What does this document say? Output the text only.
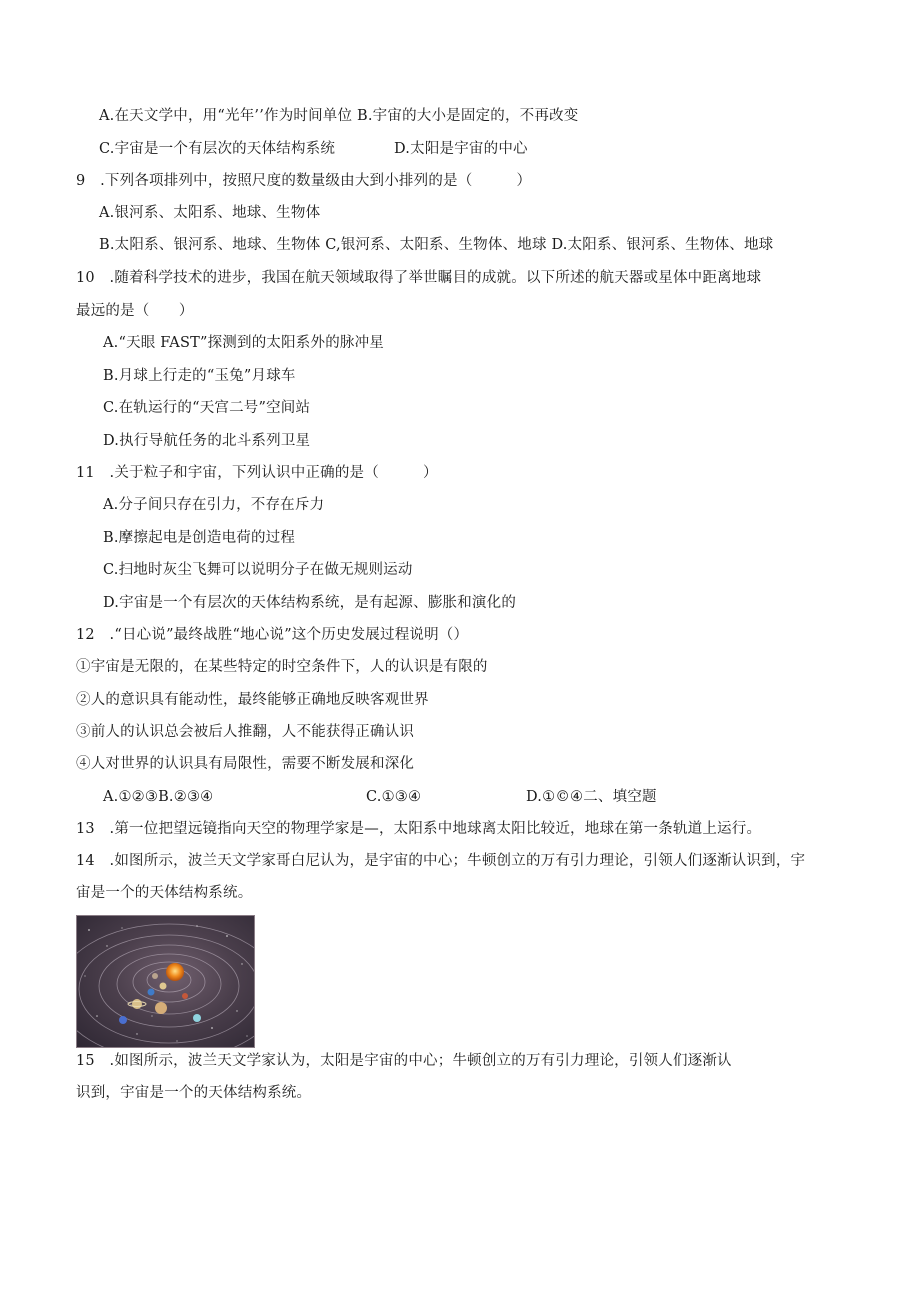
A.在天文学中，用“光年’’作为时间单位 B.宇宙的大小是固定的，不再改变
C.宇宙是一个有层次的天体结构系统	D.太阳是宇宙的中心
9　.下列各项排列中，按照尺度的数量级由大到小排列的是（　　　）
A.银河系、太阳系、地球、生物体
B.太阳系、银河系、地球、生物体 C,银河系、太阳系、生物体、地球 D.太阳系、银河系、生物体、地球
10　.随着科学技术的进步，我国在航天领域取得了举世瞩目的成就。以下所述的航天器或星体中距离地球
最远的是（　　）
A.“天眼 FAST”探测到的太阳系外的脉冲星
B.月球上行走的“玉兔”月球车
C.在轨运行的“天宫二号”空间站
D.执行导航任务的北斗系列卫星
11　.关于粒子和宇宙，下列认识中正确的是（　　　）
A.分子间只存在引力，不存在斥力
B.摩擦起电是创造电荷的过程
C.扫地时灰尘飞舞可以说明分子在做无规则运动
D.宇宙是一个有层次的天体结构系统，是有起源、膨胀和演化的
12　.“日心说”最终战胜“地心说”这个历史发展过程说明（）
①宇宙是无限的，在某些特定的时空条件下，人的认识是有限的
②人的意识具有能动性，最终能够正确地反映客观世界
③前人的认识总会被后人推翻，人不能获得正确认识
④人对世界的认识具有局限性，需要不断发展和深化
A.①②③B.②③④	C.①③④	D.①©④二、填空题
13　.第一位把望远镜指向天空的物理学家是—，太阳系中地球离太阳比较近，地球在第一条轨道上运行。
14　.如图所示，波兰天文学家哥白尼认为，是宇宙的中心；牛顿创立的万有引力理论，引领人们逐渐认识到，宇
宙是一个的天体结构系统。
15　.如图所示，波兰天文学家认为，太阳是宇宙的中心；牛顿创立的万有引力理论，引领人们逐渐认
识到，宇宙是一个的天体结构系统。
